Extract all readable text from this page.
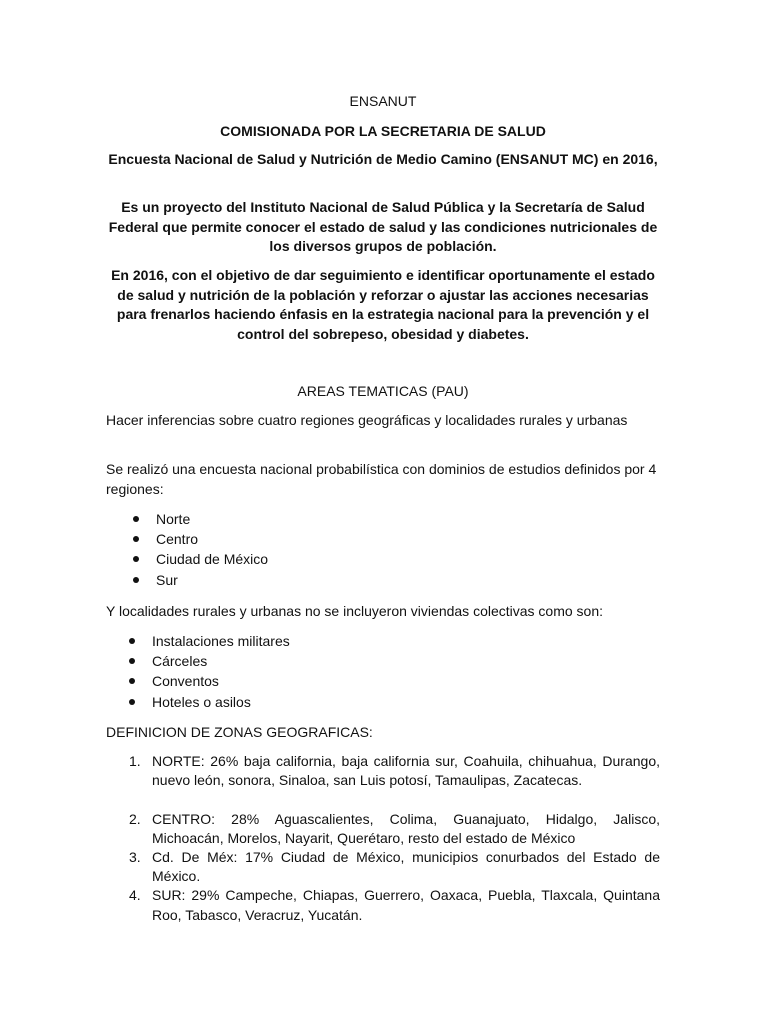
ENSANUT
COMISIONADA POR LA SECRETARIA DE SALUD

Encuesta Nacional de Salud y Nutrición de Medio Camino (ENSANUT MC) en 2016,

Es un proyecto del Instituto Nacional de Salud Pública y la Secretaría de Salud Federal que permite conocer el estado de salud y las condiciones nutricionales de los diversos grupos de población.

En 2016, con el objetivo de dar seguimiento e identificar oportunamente el estado de salud y nutrición de la población y reforzar o ajustar las acciones necesarias para frenarlos haciendo énfasis en la estrategia nacional para la prevención y el control del sobrepeso, obesidad y diabetes.

AREAS TEMATICAS (PAU)

Hacer inferencias sobre cuatro regiones geográficas y localidades rurales y urbanas

Se realizó una encuesta nacional probabilística con dominios de estudios definidos por 4 regiones:

Norte
Centro
Ciudad de México
Sur

Y localidades rurales y urbanas no se incluyeron viviendas colectivas como son:

Instalaciones militares
Cárceles
Conventos
Hoteles o asilos
DEFINICION DE ZONAS GEOGRAFICAS:
1. NORTE: 26% baja california, baja california sur, Coahuila, chihuahua, Durango, nuevo león, sonora, Sinaloa, san Luis potosí, Tamaulipas, Zacatecas.
2. CENTRO: 28% Aguascalientes, Colima, Guanajuato, Hidalgo, Jalisco, Michoacán, Morelos, Nayarit, Querétaro, resto del estado de México
3. Cd. De Méx: 17% Ciudad de México, municipios conurbados del Estado de México.
4. SUR: 29% Campeche, Chiapas, Guerrero, Oaxaca, Puebla, Tlaxcala, Quintana Roo, Tabasco, Veracruz, Yucatán.
